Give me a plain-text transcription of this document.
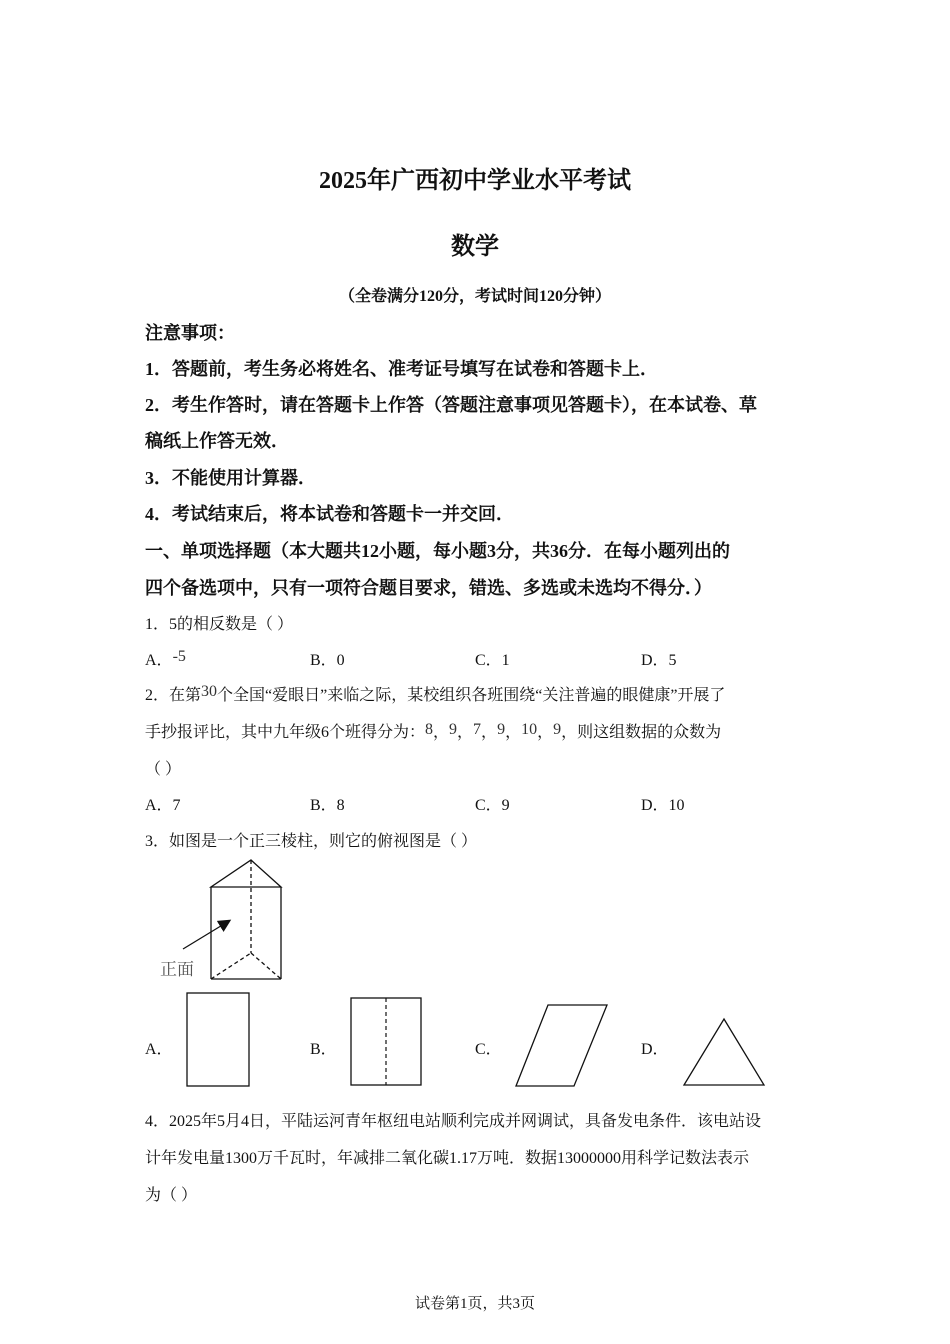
2025年广西初中学业水平考试
数学
（全卷满分120分，考试时间120分钟）
注意事项：
1．答题前，考生务必将姓名、准考证号填写在试卷和答题卡上．
2．考生作答时，请在答题卡上作答（答题注意事项见答题卡），在本试卷、草
稿纸上作答无效．
3．不能使用计算器．
4．考试结束后，将本试卷和答题卡一并交回．
一、单项选择题（本大题共12小题，每小题3分，共36分．在每小题列出的
四个备选项中，只有一项符合题目要求，错选、多选或未选均不得分．）
1．5的相反数是（ ）
A．-5	B．0	C．1	D．5
2．在第30个全国“爱眼日”来临之际，某校组织各班围绕“关注普遍的眼健康”开展了
手抄报评比，其中九年级6个班得分为：8，9，7，9，10，9，则这组数据的众数为
（ ）
A．7	B．8	C．9	D．10
3．如图是一个正三棱柱，则它的俯视图是（ ）
正面
A．	B．	C．	D．
4．2025年5月4日，平陆运河青年枢纽电站顺利完成并网调试，具备发电条件．该电站设
计年发电量1300万千瓦时，年减排二氧化碳1.17万吨．数据13000000用科学记数法表示
为（ ）
试卷第1页，共3页
